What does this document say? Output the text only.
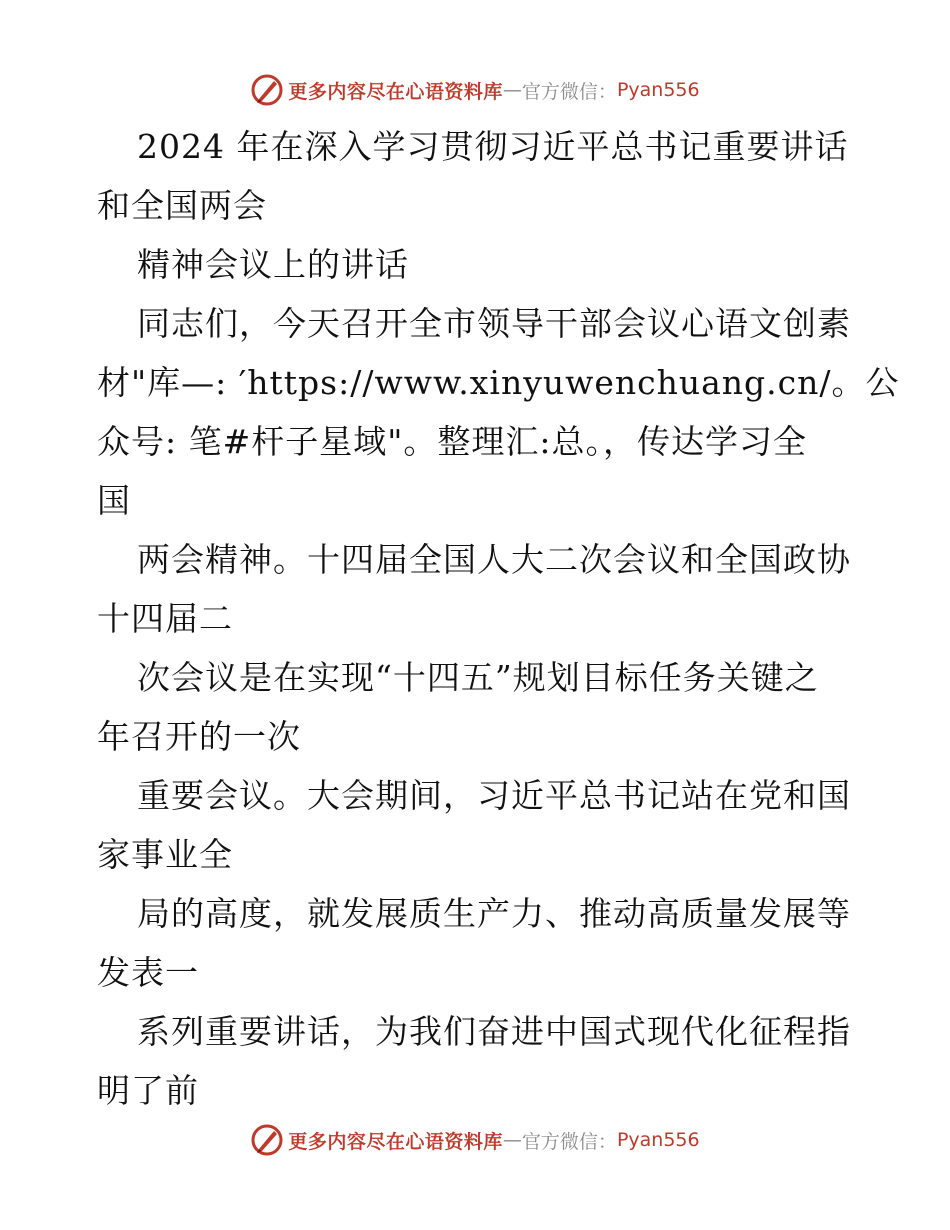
更多内容尽在心语资料库 — 官方微信： Pyan556
2024 年在深入学习贯彻习近平总书记重要讲话
和全国两会
精神会议上的讲话
同志们，今天召开全市领导干部会议心语文创素
材"库—: ′https://www.xinyuwenchuang.cn/。公
众号: 笔#杆子星域"。整理汇:总。，传达学习全
国
两会精神。十四届全国人大二次会议和全国政协
十四届二
次会议是在实现“十四五”规划目标任务关键之
年召开的一次
重要会议。大会期间，习近平总书记站在党和国
家事业全
局的高度，就发展质生产力、推动高质量发展等
发表一
系列重要讲话，为我们奋进中国式现代化征程指
明了前
更多内容尽在心语资料库 — 官方微信： Pyan556
